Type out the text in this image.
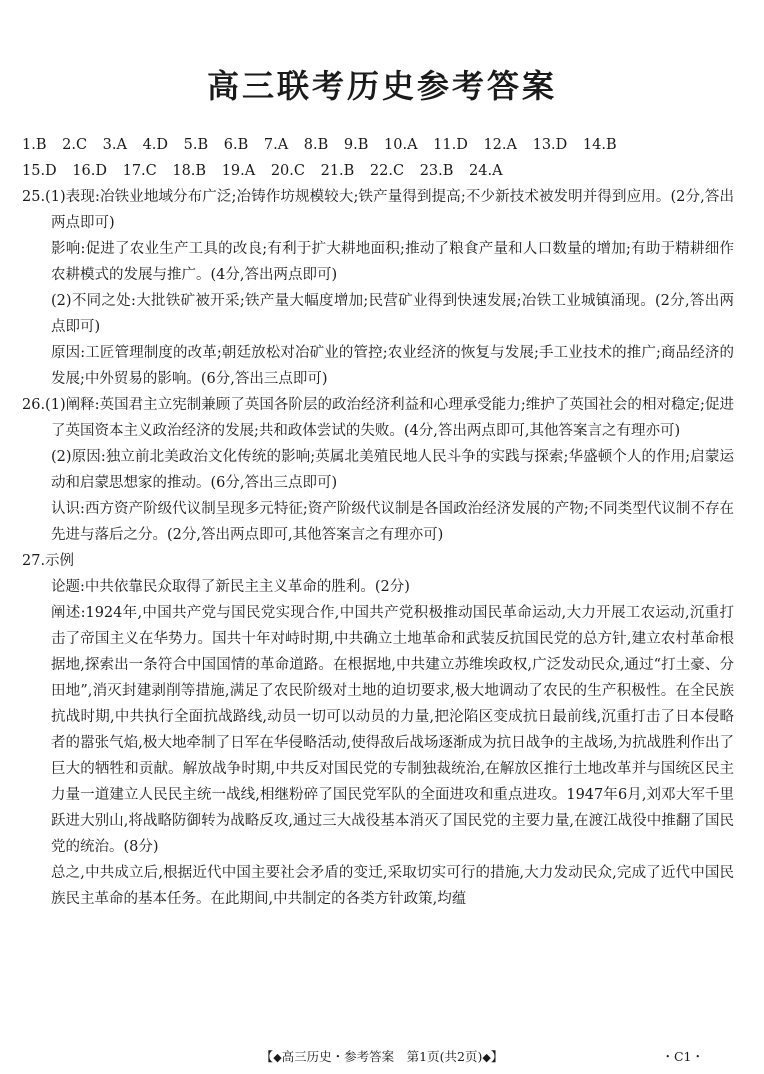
高三联考历史参考答案
1.B 2.C 3.A 4.D 5.B 6.B 7.A 8.B 9.B 10.A 11.D 12.A 13.D 14.B
15.D 16.D 17.C 18.B 19.A 20.C 21.B 22.C 23.B 24.A
25.(1)表现:冶铁业地域分布广泛;冶铸作坊规模较大;铁产量得到提高;不少新技术被发明并得到应用。(2分,答出两点即可)
影响:促进了农业生产工具的改良;有利于扩大耕地面积;推动了粮食产量和人口数量的增加;有助于精耕细作农耕模式的发展与推广。(4分,答出两点即可)
(2)不同之处:大批铁矿被开采;铁产量大幅度增加;民营矿业得到快速发展;冶铁工业城镇涌现。(2分,答出两点即可)
原因:工匠管理制度的改革;朝廷放松对冶矿业的管控;农业经济的恢复与发展;手工业技术的推广;商品经济的发展;中外贸易的影响。(6分,答出三点即可)
26.(1)阐释:英国君主立宪制兼顾了英国各阶层的政治经济利益和心理承受能力;维护了英国社会的相对稳定;促进了英国资本主义政治经济的发展;共和政体尝试的失败。(4分,答出两点即可,其他答案言之有理亦可)
(2)原因:独立前北美政治文化传统的影响;英属北美殖民地人民斗争的实践与探索;华盛顿个人的作用;启蒙运动和启蒙思想家的推动。(6分,答出三点即可)
认识:西方资产阶级代议制呈现多元特征;资产阶级代议制是各国政治经济发展的产物;不同类型代议制不存在先进与落后之分。(2分,答出两点即可,其他答案言之有理亦可)
27.示例
论题:中共依靠民众取得了新民主主义革命的胜利。(2分)
阐述:1924年,中国共产党与国民党实现合作,中国共产党积极推动国民革命运动,大力开展工农运动,沉重打击了帝国主义在华势力。国共十年对峙时期,中共确立土地革命和武装反抗国民党的总方针,建立农村革命根据地,探索出一条符合中国国情的革命道路。在根据地,中共建立苏维埃政权,广泛发动民众,通过“打土豪、分田地”,消灭封建剥削等措施,满足了农民阶级对土地的迫切要求,极大地调动了农民的生产积极性。在全民族抗战时期,中共执行全面抗战路线,动员一切可以动员的力量,把沦陷区变成抗日最前线,沉重打击了日本侵略者的嚣张气焰,极大地牵制了日军在华侵略活动,使得敌后战场逐渐成为抗日战争的主战场,为抗战胜利作出了巨大的牺牲和贡献。解放战争时期,中共反对国民党的专制独裁统治,在解放区推行土地改革并与国统区民主力量一道建立人民民主统一战线,相继粉碎了国民党军队的全面进攻和重点进攻。1947年6月,刘邓大军千里跃进大别山,将战略防御转为战略反攻,通过三大战役基本消灭了国民党的主要力量,在渡江战役中推翻了国民党的统治。(8分)
总之,中共成立后,根据近代中国主要社会矛盾的变迁,采取切实可行的措施,大力发动民众,完成了近代中国民族民主革命的基本任务。在此期间,中共制定的各类方针政策,均蕴
【◆高三历史・参考答案　第1页(共2页)◆】	・C1・
